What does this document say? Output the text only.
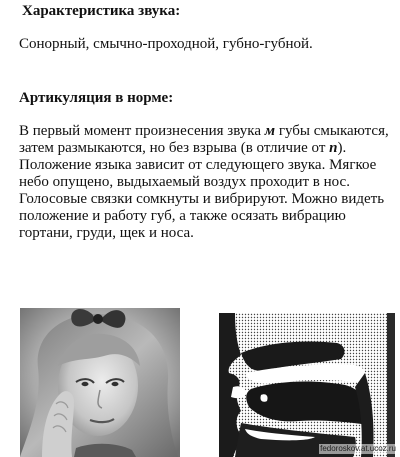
Характеристика звука:

Сонорный, смычно-проходной, губно-губной.

Артикуляция в норме:

В первый момент произнесения звука м губы смыкаются,
затем размыкаются, но без взрыва (в отличие от п).
Положение языка зависит от следующего звука. Мягкое
небо опущено, выдыхаемый воздух проходит в нос.
Голосовые связки сомкнуты и вибрируют. Можно видеть
положение и работу губ, а также осязать вибрацию
гортани, груди, щек и носа.

fedoroskov.at.ucoz.ru
